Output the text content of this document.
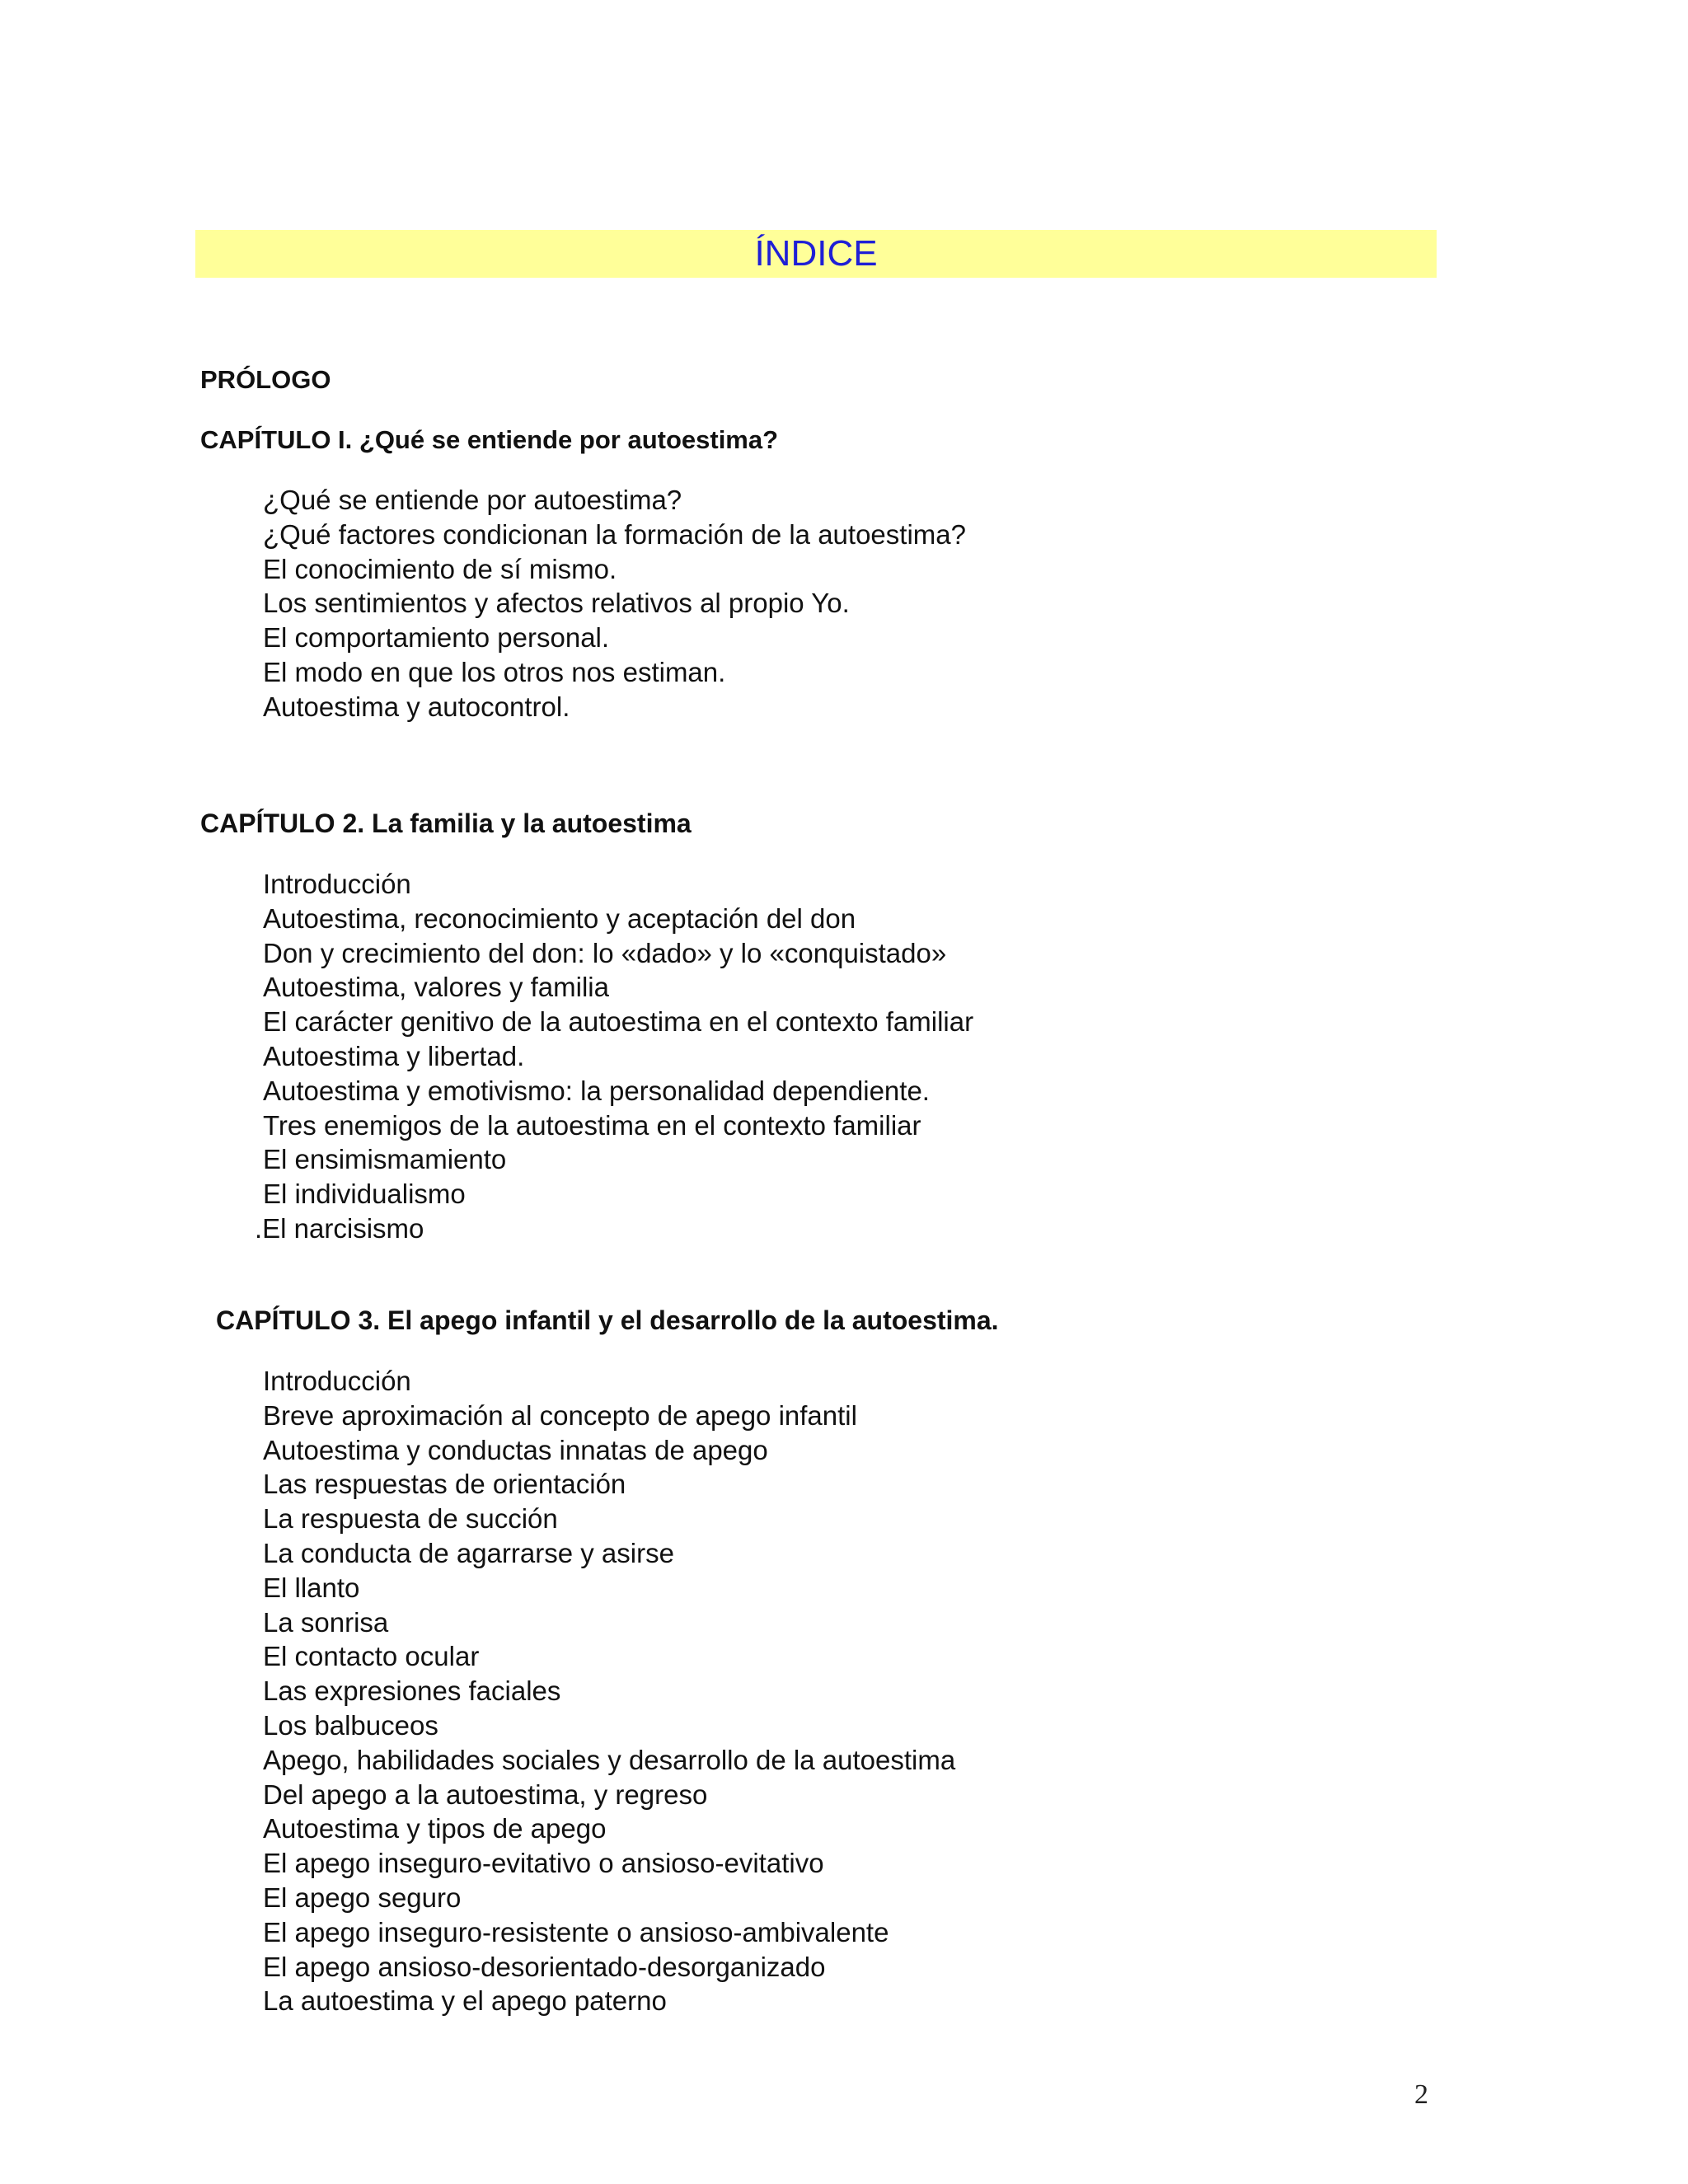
ÍNDICE

PRÓLOGO

CAPÍTULO I. ¿Qué se entiende por autoestima?

¿Qué se entiende por autoestima?
¿Qué factores condicionan la formación de la autoestima?
El conocimiento de sí mismo.
Los sentimientos y afectos relativos al propio Yo.
El comportamiento personal.
El modo en que los otros nos estiman.
Autoestima y autocontrol.

CAPÍTULO 2. La familia y la autoestima

Introducción
Autoestima, reconocimiento y aceptación del don
Don y crecimiento del don: lo «dado» y lo «conquistado»
Autoestima, valores y familia
El carácter genitivo de la autoestima en el contexto familiar
Autoestima y libertad.
Autoestima y emotivismo: la personalidad dependiente.
Tres enemigos de la autoestima en el contexto familiar
El ensimismamiento
El individualismo
.El narcisismo

CAPÍTULO 3. El apego infantil y el desarrollo de la autoestima.

Introducción
Breve aproximación al concepto de apego infantil
Autoestima y conductas innatas de apego
Las respuestas de orientación
La respuesta de succión
La conducta de agarrarse y asirse
El llanto
La sonrisa
El contacto ocular
Las expresiones faciales
Los balbuceos
Apego, habilidades sociales y desarrollo de la autoestima
Del apego a la autoestima, y regreso
Autoestima y tipos de apego
El apego inseguro-evitativo o ansioso-evitativo
El apego seguro
El apego inseguro-resistente o ansioso-ambivalente
El apego ansioso-desorientado-desorganizado
La autoestima y el apego paterno
2
